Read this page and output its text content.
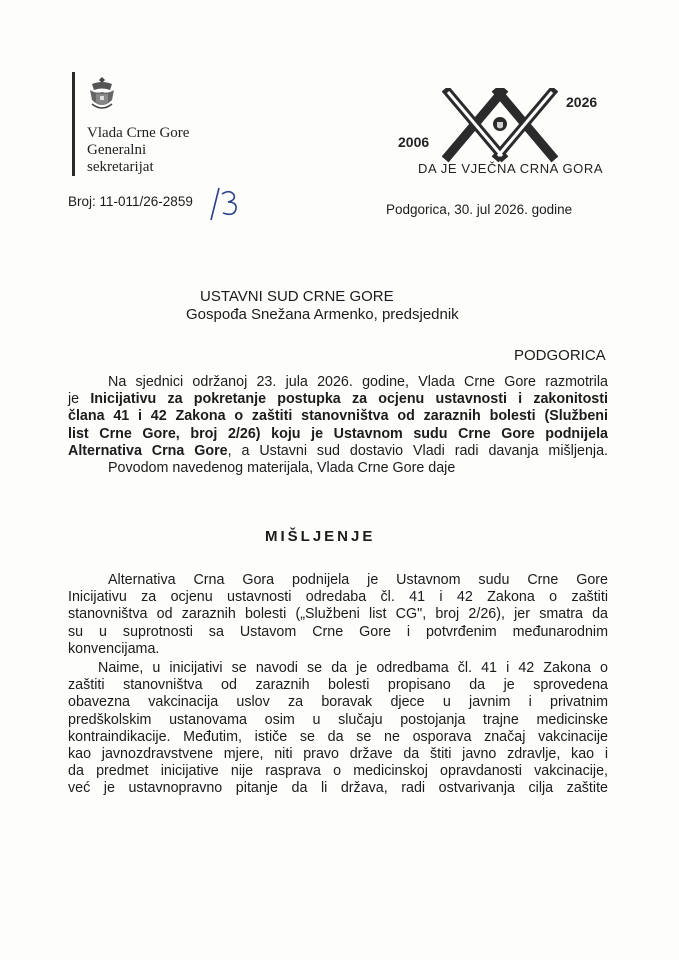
Vlada Crne Gore
Generalni
sekretarijat
2006
2026
DA JE VJEČNA CRNA GORA
Broj: 11-011/26-2859
Podgorica, 30. jul 2026. godine
USTAVNI SUD CRNE GORE
Gospođa Snežana Armenko, predsjednik
PODGORICA
Na sjednici održanoj 23. jula 2026. godine, Vlada Crne Gore razmotrila
je Inicijativu za pokretanje postupka za ocjenu ustavnosti i zakonitosti
člana 41 i 42 Zakona o zaštiti stanovništva od zaraznih bolesti (Službeni
list Crne Gore, broj 2/26) koju je Ustavnom sudu Crne Gore podnijela
Alternativa Crna Gore, a Ustavni sud dostavio Vladi radi davanja mišljenja.
Povodom navedenog materijala, Vlada Crne Gore daje
MIŠLJENJE
Alternativa Crna Gora podnijela je Ustavnom sudu Crne Gore
Inicijativu za ocjenu ustavnosti odredaba čl. 41 i 42 Zakona o zaštiti
stanovništva od zaraznih bolesti („Službeni list CG", broj 2/26), jer smatra da
su u suprotnosti sa Ustavom Crne Gore i potvrđenim međunarodnim
konvencijama.
Naime, u inicijativi se navodi se da je odredbama čl. 41 i 42 Zakona o
zaštiti stanovništva od zaraznih bolesti propisano da je sprovedena
obavezna vakcinacija uslov za boravak djece u javnim i privatnim
predškolskim ustanovama osim u slučaju postojanja trajne medicinske
kontraindikacije. Međutim, ističe se da se ne osporava značaj vakcinacije
kao javnozdravstvene mjere, niti pravo države da štiti javno zdravlje, kao i
da predmet inicijative nije rasprava o medicinskoj opravdanosti vakcinacije,
već je ustavnopravno pitanje da li država, radi ostvarivanja cilja zaštite
